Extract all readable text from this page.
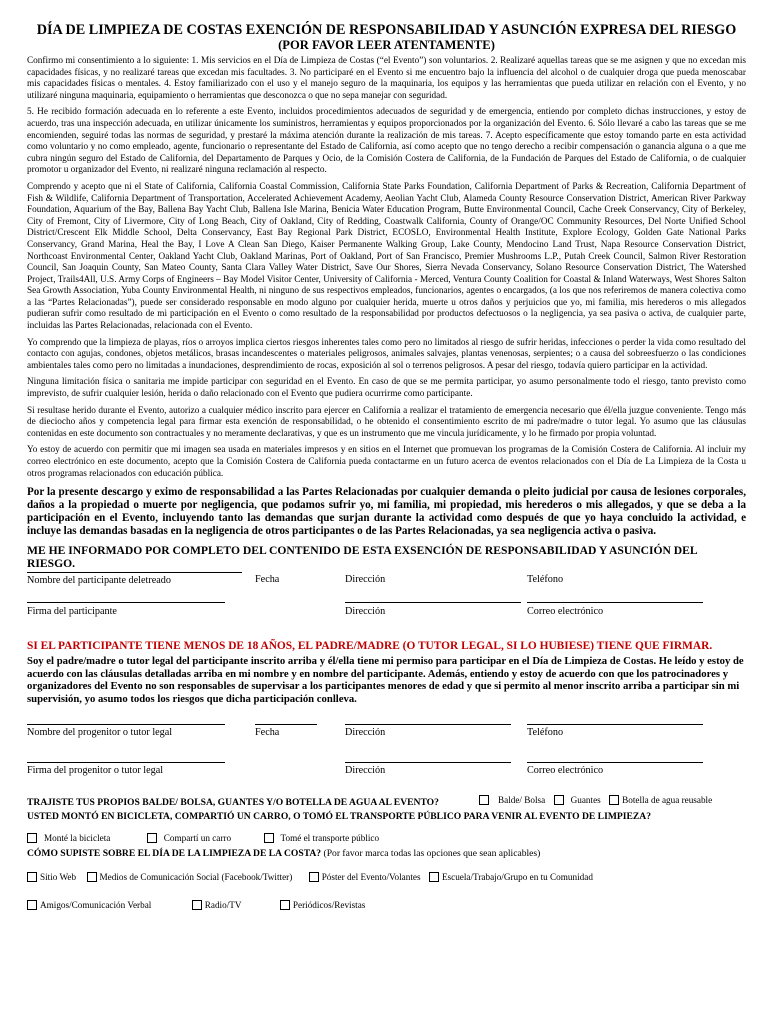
DÍA DE LIMPIEZA DE COSTAS EXENCIÓN DE RESPONSABILIDAD Y ASUNCIÓN EXPRESA DEL RIESGO
(POR FAVOR LEER ATENTAMENTE)

Confirmo mi consentimiento a lo siguiente: 1. Mis servicios en el Día de Limpieza de Costas (“el Evento”) son voluntarios. 2. Realizaré aquellas tareas que se me asignen y que no excedan mis capacidades físicas, y no realizaré tareas que excedan mis facultades. 3. No participaré en el Evento si me encuentro bajo la influencia del alcohol o de cualquier droga que pueda menoscabar mis capacidades físicas o mentales. 4. Estoy familiarizado con el uso y el manejo seguro de la maquinaria, los equipos y las herramientas que pueda utilizar en relación con el Evento, y no utilizaré ninguna maquinaria, equipamiento o herramientas que desconozca o que no sepa manejar con seguridad.

5. He recibido formación adecuada en lo referente a este Evento, incluidos procedimientos adecuados de seguridad y de emergencia, entiendo por completo dichas instrucciones, y estoy de acuerdo, tras una inspección adecuada, en utilizar únicamente los suministros, herramientas y equipos proporcionados por la organización del Evento. 6. Sólo llevaré a cabo las tareas que se me encomienden, seguiré todas las normas de seguridad, y prestaré la máxima atención durante la realización de mis tareas. 7. Acepto específicamente que estoy tomando parte en esta actividad como voluntario y no como empleado, agente, funcionario o representante del Estado de California, así como acepto que no tengo derecho a recibir compensación o ganancia alguna o a que me cubra ningún seguro del Estado de California, del Departamento de Parques y Ocio, de la Comisión Costera de California, de la Fundación de Parques del Estado de California, o de cualquier promotor u organizador del Evento, ni realizaré ninguna reclamación al respecto.

Comprendo y acepto que ni el State of California, California Coastal Commission, California State Parks Foundation, California Department of Parks & Recreation, California Department of Fish & Wildlife, California Department of Transportation, Accelerated Achievement Academy, Aeolian Yacht Club, Alameda County Resource Conservation District, American River Parkway Foundation, Aquarium of the Bay, Ballena Bay Yacht Club, Ballena Isle Marina, Benicia Water Education Program, Butte Environmental Council, Cache Creek Conservancy, City of Berkeley, City of Fremont, City of Livermore, City of Long Beach, City of Oakland, City of Redding, Coastwalk California, County of Orange/OC Community Resources, Del Norte Unified School District/Crescent Elk Middle School, Delta Conservancy, East Bay Regional Park District, ECOSLO, Environmental Health Institute, Explore Ecology, Golden Gate National Parks Conservancy, Grand Marina, Heal the Bay, I Love A Clean San Diego, Kaiser Permanente Walking Group, Lake County, Mendocino Land Trust, Napa Resource Conservation District, Northcoast Environmental Center, Oakland Yacht Club, Oakland Marinas, Port of Oakland, Port of San Francisco, Premier Mushrooms L.P., Putah Creek Council, Salmon River Restoration Council, San Joaquin County, San Mateo County, Santa Clara Valley Water District, Save Our Shores, Sierra Nevada Conservancy, Solano Resource Conservation District, The Watershed Project, Trails4All, U.S. Army Corps of Engineers – Bay Model Visitor Center, University of California - Merced, Ventura County Coalition for Coastal & Inland Waterways, West Shores Salton Sea Growth Association, Yuba County Environmental Health, ni ninguno de sus respectivos empleados, funcionarios, agentes o encargados, (a los que nos referiremos de manera colectiva como a las “Partes Relacionadas”), puede ser considerado responsable en modo alguno por cualquier herida, muerte u otros daños y perjuicios que yo, mi familia, mis herederos o mis allegados pudieran sufrir como resultado de mi participación en el Evento o como resultado de la responsabilidad por productos defectuosos o la negligencia, ya sea pasiva o activa, de cualquier parte, incluidas las Partes Relacionadas, relacionada con el Evento.

Yo comprendo que la limpieza de playas, ríos o arroyos implica ciertos riesgos inherentes tales como pero no limitados al riesgo de sufrir heridas, infecciones o perder la vida como resultado del contacto con agujas, condones, objetos metálicos, brasas incandescentes o materiales peligrosos, animales salvajes, plantas venenosas, serpientes; o a causa del sobreesfuerzo o las condiciones ambientales tales como pero no limitadas a inundaciones, desprendimiento de rocas, exposición al sol o terrenos peligrosos. A pesar del riesgo, todavía quiero participar en la actividad.

Ninguna limitación física o sanitaria me impide participar con seguridad en el Evento. En caso de que se me permita participar, yo asumo personalmente todo el riesgo, tanto previsto como imprevisto, de sufrir cualquier lesión, herida o daño relacionado con el Evento que pudiera ocurrirme como participante.

Si resultase herido durante el Evento, autorizo a cualquier médico inscrito para ejercer en California a realizar el tratamiento de emergencia necesario que él/ella juzgue conveniente. Tengo más de dieciocho años y competencia legal para firmar esta exención de responsabilidad, o he obtenido el consentimiento escrito de mi padre/madre o tutor legal. Yo asumo que las cláusulas contenidas en este documento son contractuales y no meramente declarativas, y que es un instrumento que me vincula jurídicamente, y lo he firmado por propia voluntad.

Yo estoy de acuerdo con permitir que mi imagen sea usada en materiales impresos y en sitios en el Internet que promuevan los programas de la Comisión Costera de California. Al incluir my correo electrónico en este documento, acepto que la Comisión Costera de California pueda contactarme en un futuro acerca de eventos relacionados con el Día de La Limpieza de la Costa u otros programas relacionados con educación pública.

Por la presente descargo y eximo de responsabilidad a las Partes Relacionadas por cualquier demanda o pleito judicial por causa de lesiones corporales, daños a la propiedad o muerte por negligencia, que podamos sufrir yo, mi familia, mi propiedad, mis herederos o mis allegados, y que se deba a la participación en el Evento, incluyendo tanto las demandas que surjan durante la actividad como después de que yo haya concluido la actividad, e incluye las demandas basadas en la negligencia de otros participantes o de las Partes Relacionadas, ya sea negligencia activa o pasiva.

ME HE INFORMADO POR COMPLETO DEL CONTENIDO DE ESTA EXSENCIÓN DE RESPONSABILIDAD Y ASUNCIÓN DEL RIESGO.
Nombre del participante deletreado	Fecha	Dirección	Teléfono
Firma del participante	Dirección	Correo electrónico
SI EL PARTICIPANTE TIENE MENOS DE 18 AÑOS, EL PADRE/MADRE (O TUTOR LEGAL, SI LO HUBIESE) TIENE QUE FIRMAR.
Soy el padre/madre o tutor legal del participante inscrito arriba y él/ella tiene mi permiso para participar en el Día de Limpieza de Costas. He leído y estoy de acuerdo con las cláusulas detalladas arriba en mi nombre y en nombre del participante. Además, entiendo y estoy de acuerdo con que los patrocinadores y organizadores del Evento no son responsables de supervisar a los participantes menores de edad y que si permito al menor inscrito arriba a participar sin mi supervisión, yo asumo todos los riesgos que dicha participación conlleva.
Nombre del progenitor o tutor legal	Fecha	Dirección	Teléfono
Firma del progenitor o tutor legal	Dirección	Correo electrónico
TRAJISTE TUS PROPIOS BALDE/ BOLSA, GUANTES Y/O BOTELLA DE AGUA AL EVENTO?	Balde/ Bolsa
	Guantes
Botella de agua reusable
USTED MONTÓ EN BICICLETA, COMPARTIÓ UN CARRO, O TOMÓ EL TRANSPORTE PÚBLICO PARA VENIR AL EVENTO DE LIMPIEZA?
Monté la bicicleta
	Compartí un carro
	Tomé el transporte público
CÓMO SUPISTE SOBRE EL DÍA DE LA LIMPIEZA DE LA COSTA? (Por favor marca todas las opciones que sean aplicables)
Sitio Web
	Medios de Comunicación Social (Facebook/Twitter)
	Póster del Evento/Volantes
Escuela/Trabajo/Grupo en tu Comunidad
Amigos/Comunicación Verbal
	Radio/TV
	Periódicos/Revistas
